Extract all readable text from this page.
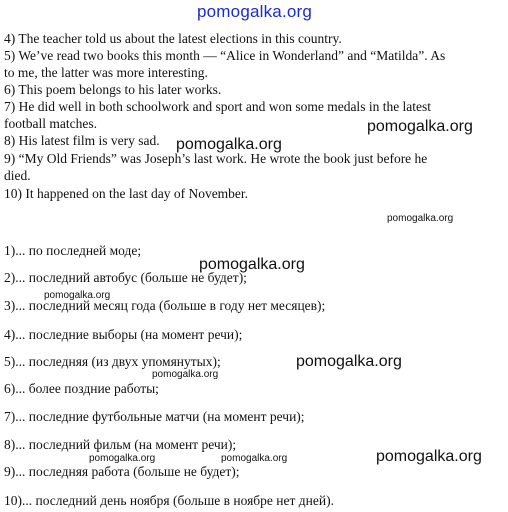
pomogalka.org
4) The teacher told us about the latest elections in this country.
5) We’ve read two books this month — “Alice in Wonderland” and “Matilda”. As
to me, the latter was more interesting.
6) This poem belongs to his later works.
7) He did well in both schoolwork and sport and won some medals in the latest
football matches.
8) His latest film is very sad.
9) “My Old Friends” was Joseph’s last work. He wrote the book just before he
died.
10) It happened on the last day of November.
1)... по последней моде;
2)... последний автобус (больше не будет);
3)... последний месяц года (больше в году нет месяцев);
4)... последние выборы (на момент речи);
5)... последняя (из двух упомянутых);
6)... более поздние работы;
7)... последние футбольные матчи (на момент речи);
8)... последний фильм (на момент речи);
9)... последняя работа (больше не будет);
10)... последний день ноября (больше в ноябре нет дней).
pomogalka.org
pomogalka.org
pomogalka.org
pomogalka.org
pomogalka.org
pomogalka.org
pomogalka.org
pomogalka.org	pomogalka.org	pomogalka.org
